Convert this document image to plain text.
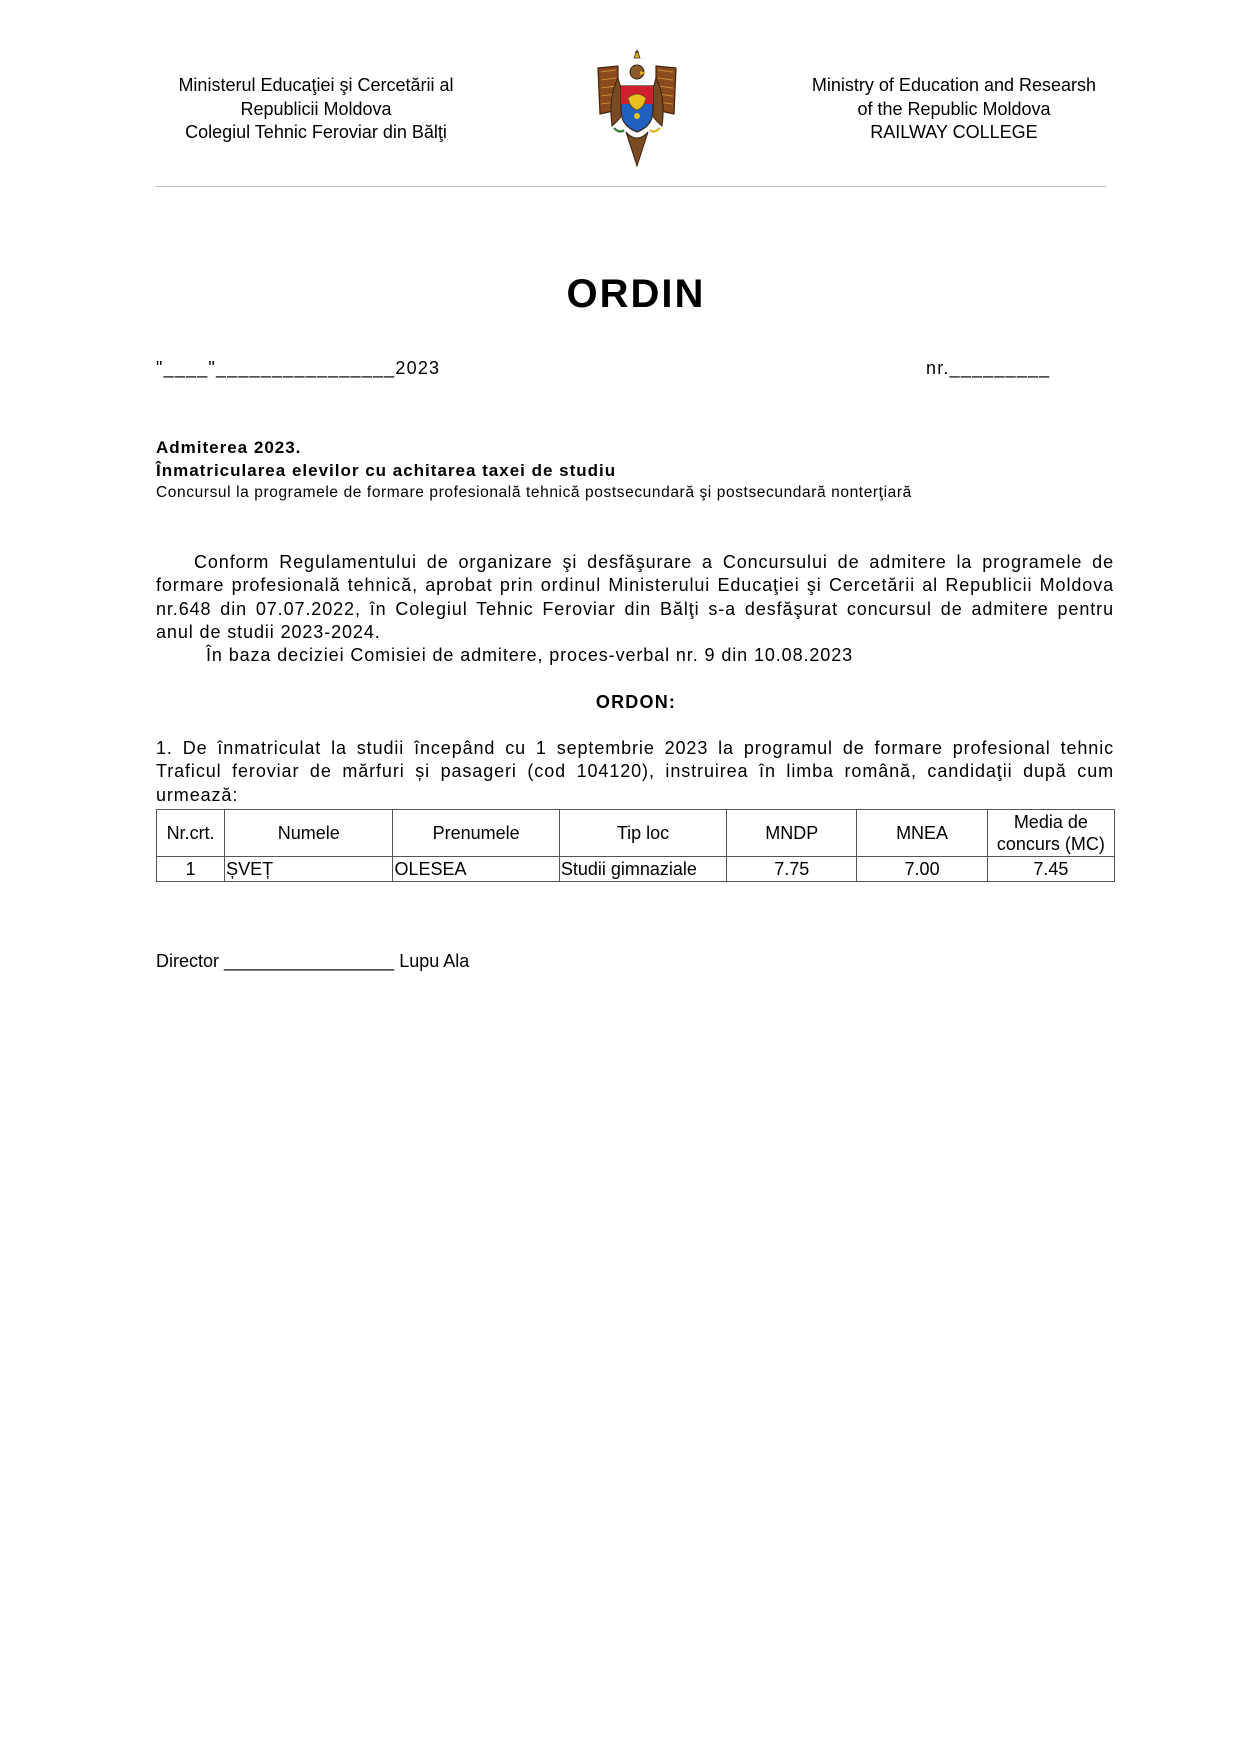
Ministerul Educaţiei şi Cercetării al
Republicii Moldova
Colegiul Tehnic Feroviar din Bălţi
Ministry of Education and Researsh
of the Republic Moldova
RAILWAY COLLEGE
ORDIN
"____"________________2023	nr._________
Admiterea 2023.
Înmatricularea elevilor cu achitarea taxei de studiu
Concursul la programele de formare profesională tehnică postsecundară şi postsecundară nonterţiară
Conform Regulamentului de organizare şi desfăşurare a Concursului de admitere la programele de formare profesională tehnică, aprobat prin ordinul Ministerului Educaţiei şi Cercetării al Republicii Moldova nr.648 din 07.07.2022, în Colegiul Tehnic Feroviar din Bălţi s-a desfăşurat concursul de admitere pentru anul de studii 2023-2024.
În baza deciziei Comisiei de admitere, proces-verbal nr. 9 din 10.08.2023
ORDON:
1. De înmatriculat la studii începând cu 1 septembrie 2023 la programul de formare profesional tehnic Traficul feroviar de mărfuri și pasageri (cod 104120), instruirea în limba română, candidaţii după cum urmează:
Nr.crt.	Numele	Prenumele	Tip loc	MNDP	MNEA	Media de concurs (MC)
1	ȘVEȚ	OLESEA	Studii gimnaziale	7.75	7.00	7.45
Director _________________ Lupu Ala
